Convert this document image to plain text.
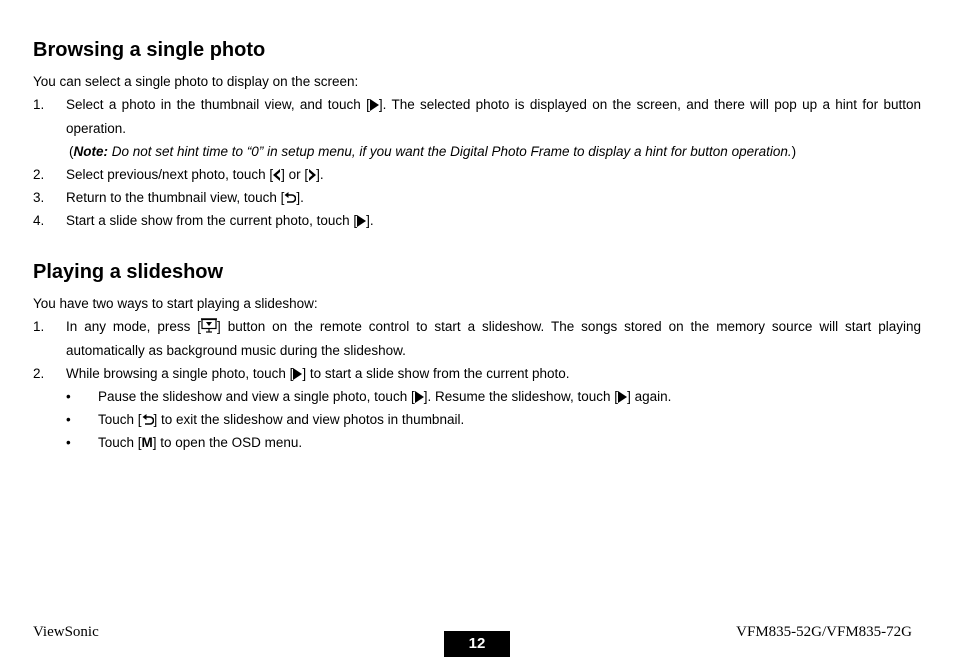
Browsing a single photo
You can select a single photo to display on the screen:
1. Select a photo in the thumbnail view, and touch [ ]. The selected photo is displayed on the screen, and there will pop up a hint for button operation.
(Note: Do not set hint time to “0” in setup menu, if you want the Digital Photo Frame to display a hint for button operation.)
2. Select previous/next photo, touch [ ] or [ ].
3. Return to the thumbnail view, touch [ ].
4. Start a slide show from the current photo, touch [ ].
Playing a slideshow
You have two ways to start playing a slideshow:
1. In any mode, press [ ] button on the remote control to start a slideshow. The songs stored on the memory source will start playing automatically as background music during the slideshow.
2. While browsing a single photo, touch [ ] to start a slide show from the current photo.
• Pause the slideshow and view a single photo, touch [ ]. Resume the slideshow, touch [ ] again.
• Touch [ ] to exit the slideshow and view photos in thumbnail.
• Touch [M] to open the OSD menu.
ViewSonic
12
VFM835-52G/VFM835-72G
